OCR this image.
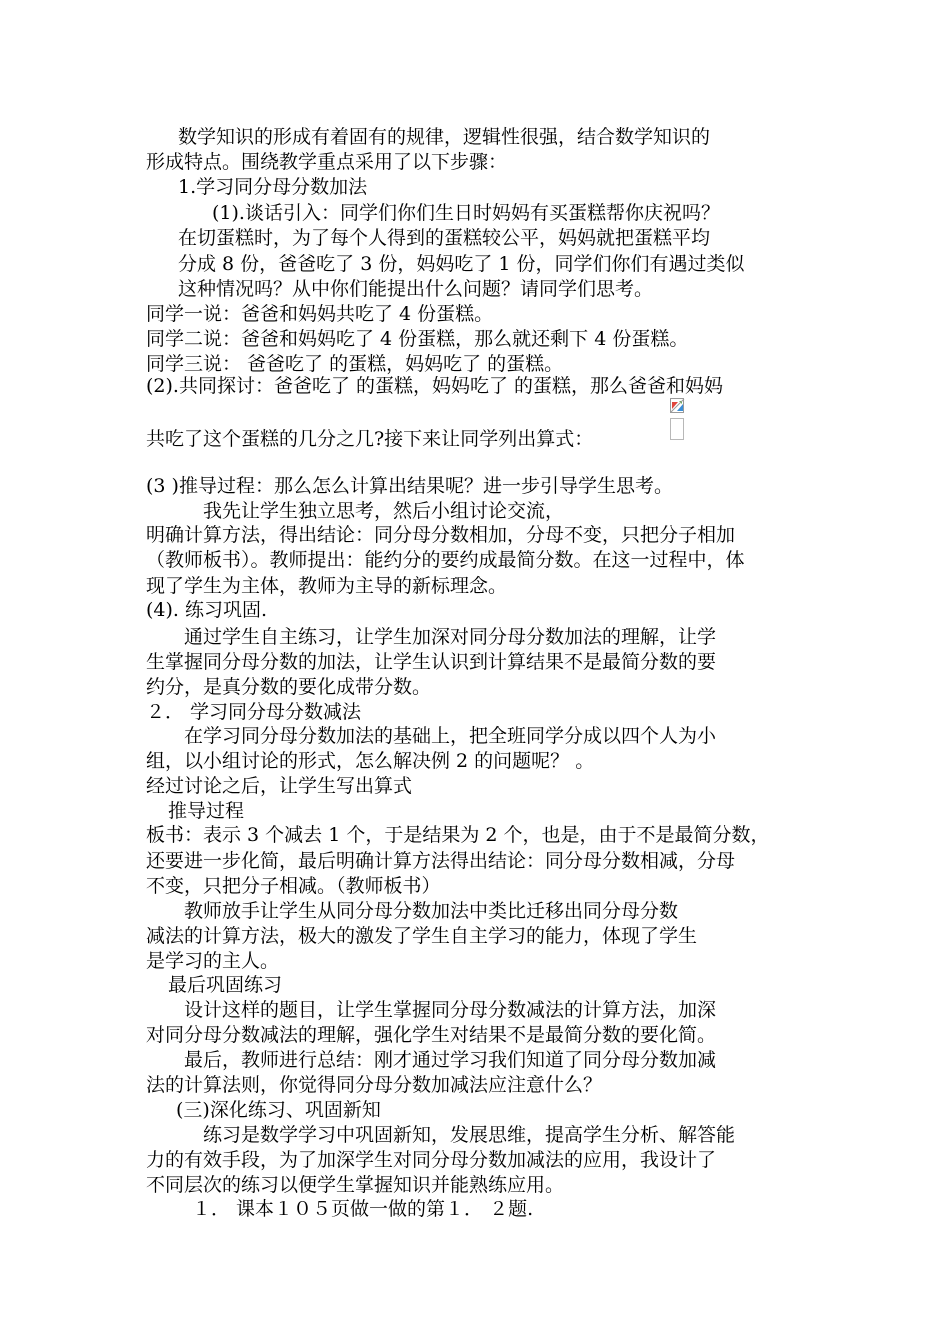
数学知识的形成有着固有的规律，逻辑性很强，结合数学知识的
形成特点。围绕教学重点采用了以下步骤：
1.学习同分母分数加法
(1).谈话引入：同学们你们生日时妈妈有买蛋糕帮你庆祝吗？
在切蛋糕时，为了每个人得到的蛋糕较公平，妈妈就把蛋糕平均
分成 8 份，爸爸吃了 3 份，妈妈吃了 1 份，同学们你们有遇过类似
这种情况吗？从中你们能提出什么问题？请同学们思考。
同学一说：爸爸和妈妈共吃了 4 份蛋糕。
同学二说：爸爸和妈妈吃了 4 份蛋糕，那么就还剩下 4 份蛋糕。
同学三说： 爸爸吃了 的蛋糕，妈妈吃了 的蛋糕。
(2).共同探讨：爸爸吃了 的蛋糕，妈妈吃了 的蛋糕，那么爸爸和妈妈
共吃了这个蛋糕的几分之几?接下来让同学列出算式：
(3 )推导过程：那么怎么计算出结果呢？进一步引导学生思考。
我先让学生独立思考，然后小组讨论交流，
明确计算方法，得出结论：同分母分数相加，分母不变，只把分子相加
（教师板书）。教师提出：能约分的要约成最简分数。在这一过程中，体
现了学生为主体，教师为主导的新标理念。
(4). 练习巩固.
通过学生自主练习，让学生加深对同分母分数加法的理解，让学
生掌握同分母分数的加法，让学生认识到计算结果不是最简分数的要
约分，是真分数的要化成带分数。
２． 学习同分母分数减法
在学习同分母分数加法的基础上，把全班同学分成以四个人为小
组，以小组讨论的形式，怎么解决例 2 的问题呢？ 。
经过讨论之后，让学生写出算式
推导过程
板书：表示 3 个减去 1 个，于是结果为 2 个，也是，由于不是最简分数，
还要进一步化简，最后明确计算方法得出结论：同分母分数相减，分母
不变，只把分子相减。（教师板书）
教师放手让学生从同分母分数加法中类比迁移出同分母分数
减法的计算方法，极大的激发了学生自主学习的能力，体现了学生
是学习的主人。
最后巩固练习
设计这样的题目，让学生掌握同分母分数减法的计算方法，加深
对同分母分数减法的理解，强化学生对结果不是最简分数的要化简。
最后，教师进行总结：刚才通过学习我们知道了同分母分数加减
法的计算法则，你觉得同分母分数加减法应注意什么？
(三)深化练习、巩固新知
练习是数学学习中巩固新知，发展思维，提高学生分析、解答能
力的有效手段，为了加深学生对同分母分数加减法的应用，我设计了
不同层次的练习以便学生掌握知识并能熟练应用。
１． 课本１０５页做一做的第１． ２题.
